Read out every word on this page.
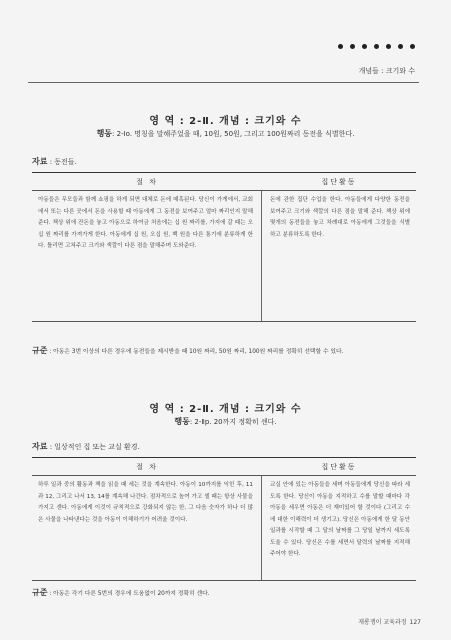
개념들 : 크기와 수
영 역 : 2-Ⅱ. 개념 : 크기와 수
행동: 2-Ⅰo. 명칭을 말해주었을 때, 10원, 50원, 그리고 100원짜리 동전을 식별한다.
자료 : 동전들.
절 차	집단활동

아동들은 무모들과 함께 쇼핑을 하게 되면 대체로 돈에 매혹된다. 당신이 가게에서, 교회에서 또는 다른 곳에서 돈을 사용할 때 아동에게 그 동전을 보여주고 얼마 짜리인지 말해준다. 책상 위에 잔돈을 놓고 아동으로 하여금 처음에는 십 원 짜리를, 가지에 갈 때는 오십 원 짜리를 가져가게 한다. 아동에게 십 원, 오십 원, 백 원을 다른 통기에 분류하게 한다. 틀리면 고쳐주고 크기와 색깔이 다른 점을 말해주며 도와준다.

돈에 관한 집단 수업을 한다. 아동들에게 다양한 동전을 보여주고 크기와 색깔의 다른 점을 말해 준다. 책상 위에 몇개의 동전들을 놓고 차례대로 아동에게 그것들을 식별하고 분류하도록 한다.

규준 : 아동은 3번 이상의 다른 경우에 동전들을 제시받을 때 10원 짜리, 50원 짜리, 100원 짜리를 정확히 선택할 수 있다.
영 역 : 2-Ⅱ. 개념 : 크기와 수
행동: 2-Ⅱp. 20까지 정확히 센다.
자료 : 일상적인 집 또는 교실 환경.
절 차	집단활동

하루 일과 중의 활동과 책을 읽을 때 세는 것을 계속한다. 아동이 10까지를 익힌 후, 11과 12, 그리고 나서 13, 14를 계속해 나간다. 점차적으로 높여 가고 셀 때는 항상 사물을 가지고 센다. 아동에게 이것이 규칙적으로 강화되지 않는 한, 그 다음 숫자가 하나 더 많은 사물을 나타낸다는 것을 아동이 이해하기가 어려울 것이다.

교실 안에 있는 아동들을 세며 아동들에게 당신을 따라 세도록 한다. 당신이 아동을 지적하고 수를 말할 때마다 각 아동을 세우면 아동은 더 재미있어 할 것이다 (그리고 수에 대한 이해력이 더 생기고). 당신은 아동에게 한 달 동안 일과를 시작할 때 그 달의 날짜를 그 당일 날까지 세도록 도울 수 있다. 당신은 수를 세면서 달력의 날짜를 지적해 주어야 한다.

규준 : 아동은 각기 다른 5번의 경우에 도움없이 20까지 정확히 센다.
재롱쟁이 교육과정 127
